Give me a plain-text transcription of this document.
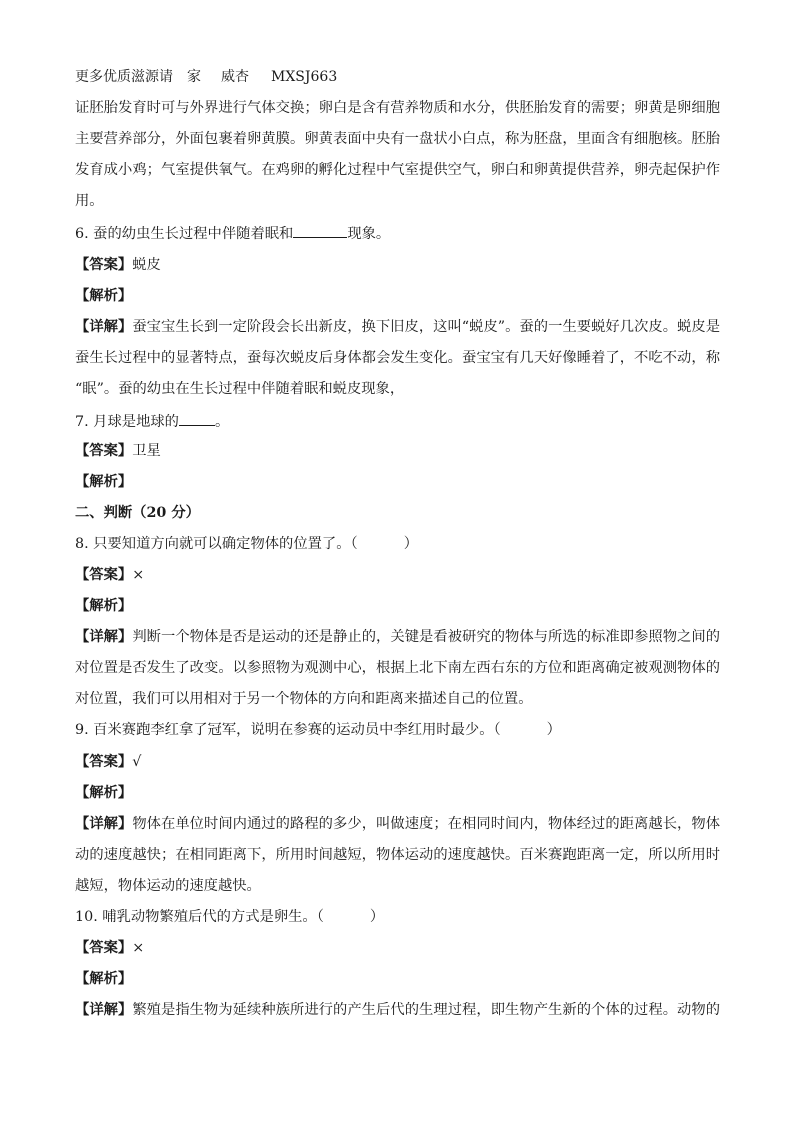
更多优质滋源请 家 威杏 MXSJ663
证胚胎发育时可与外界进行气体交换；卵白是含有营养物质和水分，供胚胎发育的需要；卵黄是卵细胞
主要营养部分，外面包裹着卵黄膜。卵黄表面中央有一盘状小白点，称为胚盘，里面含有细胞核。胚胎
发育成小鸡；气室提供氧气。在鸡卵的孵化过程中气室提供空气，卵白和卵黄提供营养，卵壳起保护作
用。
6. 蚕的幼虫生长过程中伴随着眠和	现象。
【答案】蜕皮
【解析】
【详解】蚕宝宝生长到一定阶段会长出新皮，换下旧皮，这叫“蜕皮”。蚕的一生要蜕好几次皮。蜕皮是
蚕生长过程中的显著特点，蚕每次蜕皮后身体都会发生变化。蚕宝宝有几天好像睡着了，不吃不动，称
“眠”。蚕的幼虫在生长过程中伴随着眠和蜕皮现象，
7. 月球是地球的	。
【答案】卫星
【解析】
二、判断（20 分）
8. 只要知道方向就可以确定物体的位置了。（	）
【答案】×
【解析】
【详解】判断一个物体是否是运动的还是静止的，关键是看被研究的物体与所选的标准即参照物之间的
对位置是否发生了改变。以参照物为观测中心，根据上北下南左西右东的方位和距离确定被观测物体的
对位置，我们可以用相对于另一个物体的方向和距离来描述自己的位置。
9. 百米赛跑李红拿了冠军，说明在参赛的运动员中李红用时最少。（	）
【答案】√
【解析】
【详解】物体在单位时间内通过的路程的多少，叫做速度；在相同时间内，物体经过的距离越长，物体
动的速度越快；在相同距离下，所用时间越短，物体运动的速度越快。百米赛跑距离一定，所以所用时
越短，物体运动的速度越快。
10. 哺乳动物繁殖后代的方式是卵生。（	）
【答案】×
【解析】
【详解】繁殖是指生物为延续种族所进行的产生后代的生理过程，即生物产生新的个体的过程。动物的
